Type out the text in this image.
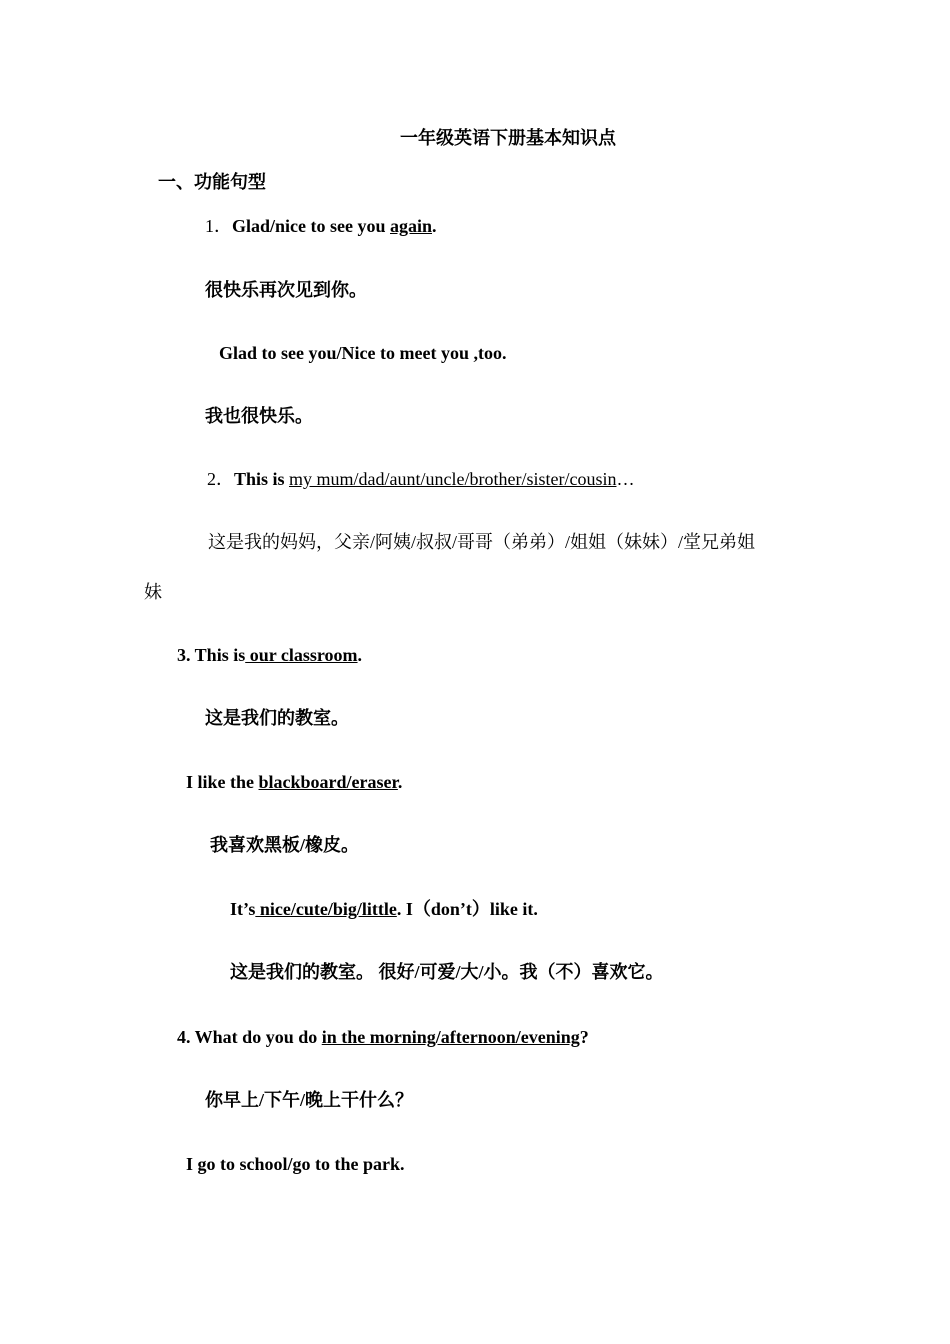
一年级英语下册基本知识点
一、功能句型
1．Glad/nice to see you again.
很快乐再次见到你。
Glad to see you/Nice to meet you ,too.
我也很快乐。
2．This is my mum/dad/aunt/uncle/brother/sister/cousin…
这是我的妈妈，父亲/阿姨/叔叔/哥哥（弟弟）/姐姐（妹妹）/堂兄弟姐
妹
3. This is our classroom.
这是我们的教室。
I like the blackboard/eraser.
我喜欢黑板/橡皮。
It’s nice/cute/big/little. I（don’t）like it.
这是我们的教室。 很好/可爱/大/小。我（不）喜欢它。
4. What do you do in the morning/afternoon/evening?
你早上/下午/晚上干什么？
I go to school/go to the park.
